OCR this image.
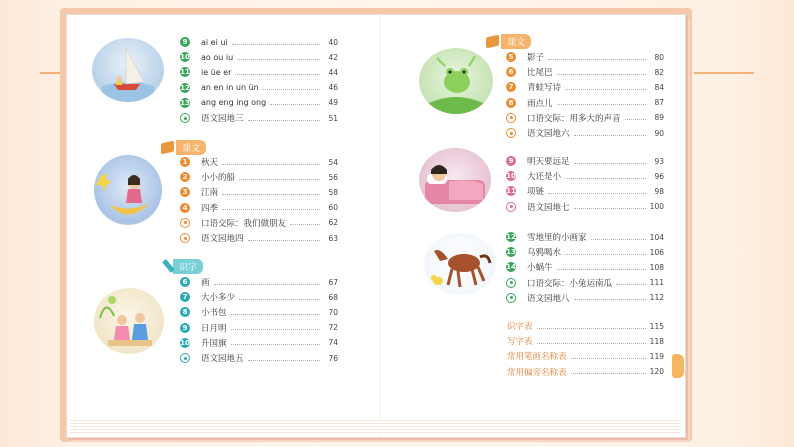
9	ai ei ui	40
10 ao ou iu	42
11 ie üe er	44
12 an en in un ün	46
13 ang eng ing ong	49
语文园地三	51
课文
1	秋天	54
2	小小的船	56
3	江南	58
4	四季	60
口语交际：我们做朋友	62
语文园地四	63
识字
6	画	67
7	大小多少	68
8	小书包	70
9	日月明	72
10 升国旗	74
语文园地五	76
课文
5	影子	80
6	比尾巴	82
7	青蛙写诗	84
8	雨点儿	87
口语交际：用多大的声音	89
语文园地六	90
9	明天要远足	93
10 大还是小	96
11 项链	98
语文园地七	100
12 雪地里的小画家	104
13 乌鸦喝水	106
14 小蜗牛	108
口语交际：小兔运南瓜	111
语文园地八	112
识字表	115
写字表	118
常用笔画名称表	119
常用偏旁名称表	120
